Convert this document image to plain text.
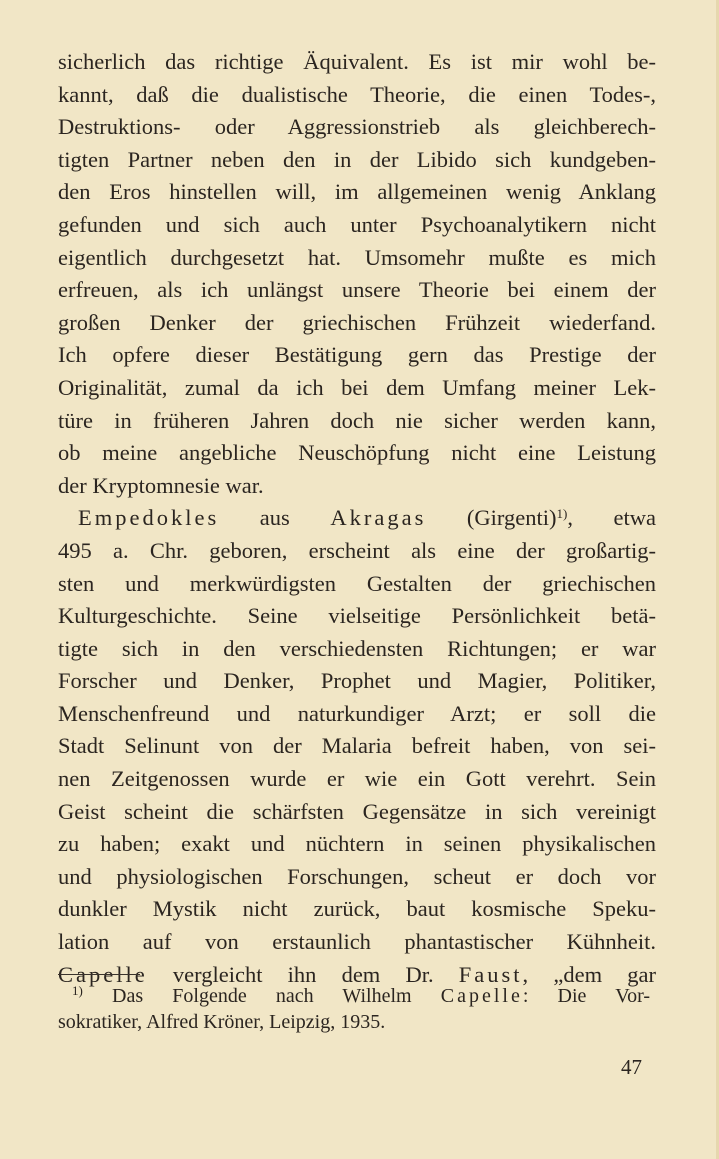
sicherlich das richtige Äquivalent. Es ist mir wohl be-
kannt, daß die dualistische Theorie, die einen Todes-,
Destruktions- oder Aggressionstrieb als gleichberech-
tigten Partner neben den in der Libido sich kundgeben-
den Eros hinstellen will, im allgemeinen wenig Anklang
gefunden und sich auch unter Psychoanalytikern nicht
eigentlich durchgesetzt hat. Umsomehr mußte es mich
erfreuen, als ich unlängst unsere Theorie bei einem der
großen Denker der griechischen Frühzeit wiederfand.
Ich opfere dieser Bestätigung gern das Prestige der
Originalität, zumal da ich bei dem Umfang meiner Lek-
türe in früheren Jahren doch nie sicher werden kann,
ob meine angebliche Neuschöpfung nicht eine Leistung
der Kryptomnesie war.
Empedokles aus Akragas (Girgenti)$^{1)}$, etwa
495 a. Chr. geboren, erscheint als eine der großartig-
sten und merkwürdigsten Gestalten der griechischen
Kulturgeschichte. Seine vielseitige Persönlichkeit betä-
tigte sich in den verschiedensten Richtungen; er war
Forscher und Denker, Prophet und Magier, Politiker,
Menschenfreund und naturkundiger Arzt; er soll die
Stadt Selinunt von der Malaria befreit haben, von sei-
nen Zeitgenossen wurde er wie ein Gott verehrt. Sein
Geist scheint die schärfsten Gegensätze in sich vereinigt
zu haben; exakt und nüchtern in seinen physikalischen
und physiologischen Forschungen, scheut er doch vor
dunkler Mystik nicht zurück, baut kosmische Speku-
lation auf von erstaunlich phantastischer Kühnheit.
Capelle vergleicht ihn dem Dr. Faust, „dem gar
$^{1)}$ Das Folgende nach Wilhelm Capelle: Die Vor-
sokratiker, Alfred Kröner, Leipzig, 1935.
47
